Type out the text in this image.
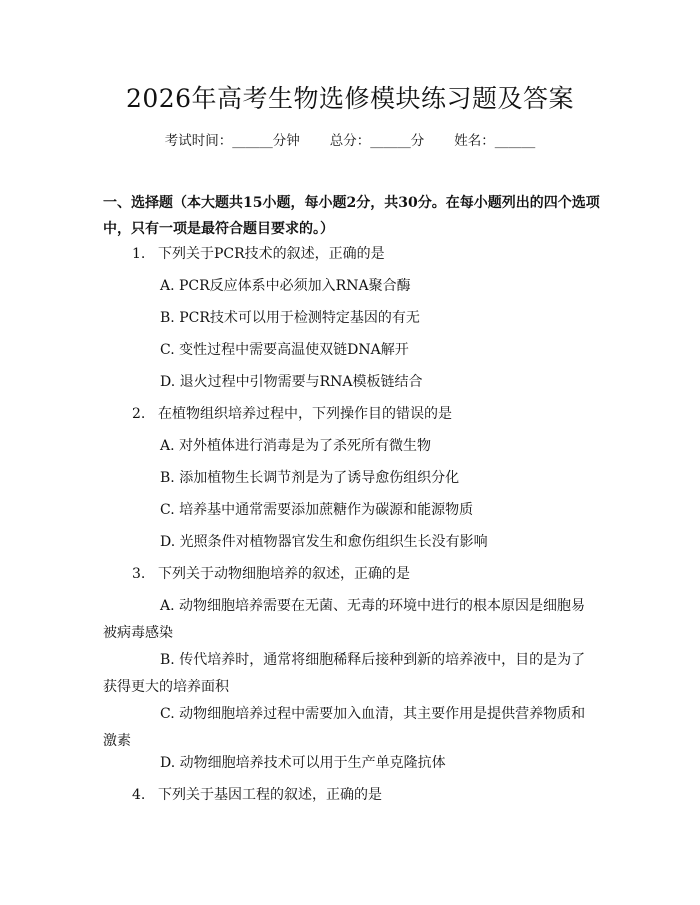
2026年高考生物选修模块练习题及答案
考试时间：______分钟 总分：______分 姓名：______
一、选择题（本大题共15小题，每小题2分，共30分。在每小题列出的四个选项中，只有一项是最符合题目要求的。）
1. 下列关于PCR技术的叙述，正确的是
A. PCR反应体系中必须加入RNA聚合酶
B. PCR技术可以用于检测特定基因的有无
C. 变性过程中需要高温使双链DNA解开
D. 退火过程中引物需要与RNA模板链结合
2. 在植物组织培养过程中，下列操作目的错误的是
A. 对外植体进行消毒是为了杀死所有微生物
B. 添加植物生长调节剂是为了诱导愈伤组织分化
C. 培养基中通常需要添加蔗糖作为碳源和能源物质
D. 光照条件对植物器官发生和愈伤组织生长没有影响
3. 下列关于动物细胞培养的叙述，正确的是
A. 动物细胞培养需要在无菌、无毒的环境中进行的根本原因是细胞易被病毒感染
B. 传代培养时，通常将细胞稀释后接种到新的培养液中，目的是为了获得更大的培养面积
C. 动物细胞培养过程中需要加入血清，其主要作用是提供营养物质和激素
D. 动物细胞培养技术可以用于生产单克隆抗体
4. 下列关于基因工程的叙述，正确的是
